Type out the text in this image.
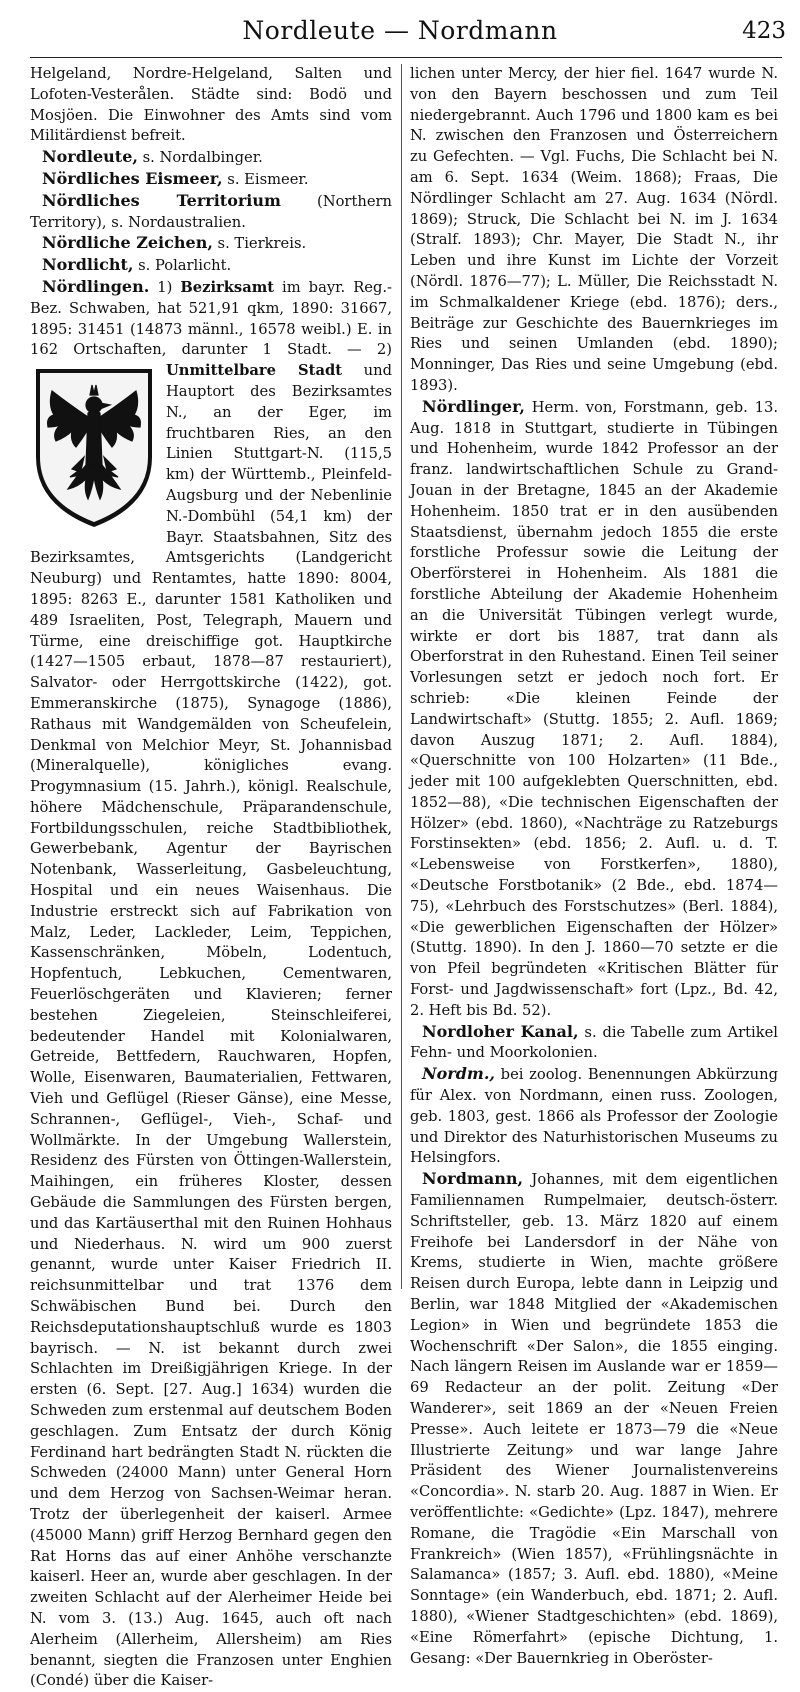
Nordleute — Nordmann	423

Helgeland, Nordre-Helgeland, Salten und Lofoten-Vesterålen. Städte sind: Bodö und Mosjöen. Die Einwohner des Amts sind vom Militärdienst befreit.

Nordleute, s. Nordalbinger.

Nördliches Eismeer, s. Eismeer.

Nördliches Territorium (Northern Territory), s. Nordaustralien.

Nördliche Zeichen, s. Tierkreis.

Nordlicht, s. Polarlicht.

Nördlingen. 1) Bezirksamt im bayr. Reg.-Bez. Schwaben, hat 521,91 qkm, 1890: 31667, 1895: 31451 (14873 männl., 16578 weibl.) E. in 162 Ortschaften, darunter 1 Stadt. — 2) Unmittelbare Stadt
und Hauptort des Bezirksamtes N., an der Eger, im fruchtbaren Ries, an den Linien Stuttgart-N. (115,5 km) der Württemb., Pleinfeld-Augsburg und der Nebenlinie N.-Dombühl (54,1 km) der Bayr. Staatsbahnen, Sitz des Bezirksamtes, Amtsgerichts (Landgericht Neuburg) und Rentamtes, hatte 1890: 8004, 1895: 8263 E., darunter 1581 Katholiken und 489 Israeliten, Post, Telegraph, Mauern und Türme, eine dreischiffige got. Hauptkirche (1427—1505 erbaut, 1878—87 restauriert), Salvator- oder Herrgottskirche (1422), got. Emmeranskirche (1875), Synagoge (1886), Rathaus mit Wandgemälden von Scheufelein, Denkmal von Melchior Meyr, St. Johannisbad (Mineralquelle), königliches evang. Progymnasium (15. Jahrh.), königl. Realschule, höhere Mädchenschule, Präparandenschule, Fortbildungsschulen, reiche Stadtbibliothek, Gewerbebank, Agentur der Bayrischen Notenbank, Wasserleitung, Gasbeleuchtung, Hospital und ein neues Waisenhaus. Die Industrie erstreckt sich auf Fabrikation von Malz, Leder, Lackleder, Leim, Teppichen, Kassenschränken, Möbeln, Lodentuch, Hopfentuch, Lebkuchen, Cementwaren, Feuerlöschgeräten und Klavieren; ferner bestehen Ziegeleien, Steinschleiferei, bedeutender Handel mit Kolonialwaren, Getreide, Bettfedern, Rauchwaren, Hopfen, Wolle, Eisenwaren, Baumaterialien, Fettwaren, Vieh und Geflügel (Rieser Gänse), eine Messe, Schrannen-, Geflügel-, Vieh-, Schaf- und Wollmärkte. In der Umgebung Wallerstein, Residenz des Fürsten von Öttingen-Wallerstein, Maihingen, ein früheres Kloster, dessen Gebäude die Sammlungen des Fürsten bergen, und das Kartäuserthal mit den Ruinen Hohhaus und Niederhaus. N. wird um 900 zuerst genannt, wurde unter Kaiser Friedrich II. reichsunmittelbar und trat 1376 dem Schwäbischen Bund bei. Durch den Reichsdeputationshauptschluß wurde es 1803 bayrisch. — N. ist bekannt durch zwei Schlachten im Dreißigjährigen Kriege. In der ersten (6. Sept. [27. Aug.] 1634) wurden die Schweden zum erstenmal auf deutschem Boden geschlagen. Zum Entsatz der durch König Ferdinand hart bedrängten Stadt N. rückten die Schweden (24000 Mann) unter General Horn und dem Herzog von Sachsen-Weimar heran. Trotz der überlegenheit der kaiserl. Armee (45000 Mann) griff Herzog Bernhard gegen den Rat Horns das auf einer Anhöhe verschanzte kaiserl. Heer an, wurde aber geschlagen. In der zweiten Schlacht auf der Alerheimer Heide bei N. vom 3. (13.) Aug. 1645, auch oft nach Alerheim (Allerheim, Allersheim) am Ries benannt, siegten die Franzosen unter Enghien (Condé) über die Kaiser-

lichen unter Mercy, der hier fiel. 1647 wurde N. von den Bayern beschossen und zum Teil niedergebrannt. Auch 1796 und 1800 kam es bei N. zwischen den Franzosen und Österreichern zu Gefechten. — Vgl. Fuchs, Die Schlacht bei N. am 6. Sept. 1634 (Weim. 1868); Fraas, Die Nördlinger Schlacht am 27. Aug. 1634 (Nördl. 1869); Struck, Die Schlacht bei N. im J. 1634 (Stralf. 1893); Chr. Mayer, Die Stadt N., ihr Leben und ihre Kunst im Lichte der Vorzeit (Nördl. 1876—77); L. Müller, Die Reichsstadt N. im Schmalkaldener Kriege (ebd. 1876); ders., Beiträge zur Geschichte des Bauernkrieges im Ries und seinen Umlanden (ebd. 1890); Monninger, Das Ries und seine Umgebung (ebd. 1893).

Nördlinger, Herm. von, Forstmann, geb. 13. Aug. 1818 in Stuttgart, studierte in Tübingen und Hohenheim, wurde 1842 Professor an der franz. landwirtschaftlichen Schule zu Grand-Jouan in der Bretagne, 1845 an der Akademie Hohenheim. 1850 trat er in den ausübenden Staatsdienst, übernahm jedoch 1855 die erste forstliche Professur sowie die Leitung der Oberförsterei in Hohenheim. Als 1881 die forstliche Abteilung der Akademie Hohenheim an die Universität Tübingen verlegt wurde, wirkte er dort bis 1887, trat dann als Oberforstrat in den Ruhestand. Einen Teil seiner Vorlesungen setzt er jedoch noch fort. Er schrieb: «Die kleinen Feinde der Landwirtschaft» (Stuttg. 1855; 2. Aufl. 1869; davon Auszug 1871; 2. Aufl. 1884), «Querschnitte von 100 Holzarten» (11 Bde., jeder mit 100 aufgeklebten Querschnitten, ebd. 1852—88), «Die technischen Eigenschaften der Hölzer» (ebd. 1860), «Nachträge zu Ratzeburgs Forstinsekten» (ebd. 1856; 2. Aufl. u. d. T. «Lebensweise von Forstkerfen», 1880), «Deutsche Forstbotanik» (2 Bde., ebd. 1874—75), «Lehrbuch des Forstschutzes» (Berl. 1884), «Die gewerblichen Eigenschaften der Hölzer» (Stuttg. 1890). In den J. 1860—70 setzte er die von Pfeil begründeten «Kritischen Blätter für Forst- und Jagdwissenschaft» fort (Lpz., Bd. 42, 2. Heft bis Bd. 52).

Nordloher Kanal, s. die Tabelle zum Artikel Fehn- und Moorkolonien.

Nordm., bei zoolog. Benennungen Abkürzung für Alex. von Nordmann, einen russ. Zoologen, geb. 1803, gest. 1866 als Professor der Zoologie und Direktor des Naturhistorischen Museums zu Helsingfors.

Nordmann, Johannes, mit dem eigentlichen Familiennamen Rumpelmaier, deutsch-österr. Schriftsteller, geb. 13. März 1820 auf einem Freihofe bei Landersdorf in der Nähe von Krems, studierte in Wien, machte größere Reisen durch Europa, lebte dann in Leipzig und Berlin, war 1848 Mitglied der «Akademischen Legion» in Wien und begründete 1853 die Wochenschrift «Der Salon», die 1855 einging. Nach längern Reisen im Auslande war er 1859—69 Redacteur an der polit. Zeitung «Der Wanderer», seit 1869 an der «Neuen Freien Presse». Auch leitete er 1873—79 die «Neue Illustrierte Zeitung» und war lange Jahre Präsident des Wiener Journalistenvereins «Concordia». N. starb 20. Aug. 1887 in Wien. Er veröffentlichte: «Gedichte» (Lpz. 1847), mehrere Romane, die Tragödie «Ein Marschall von Frankreich» (Wien 1857), «Frühlingsnächte in Salamanca» (1857; 3. Aufl. ebd. 1880), «Meine Sonntage» (ein Wanderbuch, ebd. 1871; 2. Aufl. 1880), «Wiener Stadtgeschichten» (ebd. 1869), «Eine Römerfahrt» (epische Dichtung, 1. Gesang: «Der Bauernkrieg in Oberöster-
